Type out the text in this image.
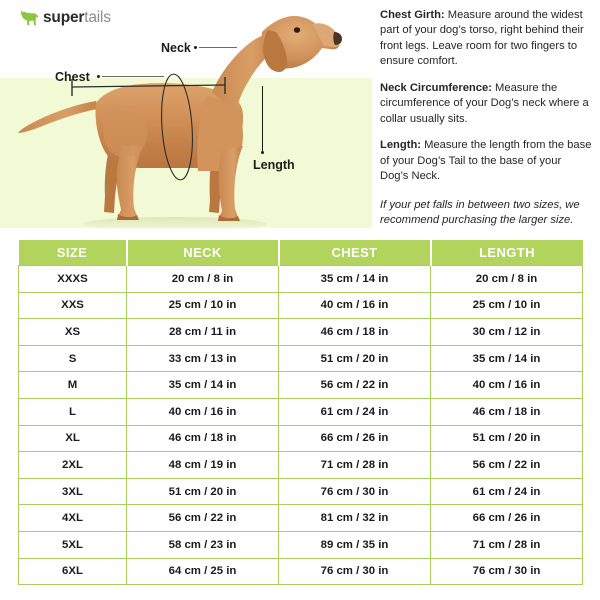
supertails
Neck
Chest
Length

Chest Girth: Measure around the widest part of your dog’s torso, right behind their front legs. Leave room for two fingers to ensure comfort.

Neck Circumference: Measure the circumference of your Dog’s neck where a collar usually sits.

Length: Measure the length from the base of your Dog’s Tail to the base of your Dog’s Neck.

If your pet falls in between two sizes, we recommend purchasing the larger size.

SIZE	NECK	CHEST	LENGTH
XXXS	20 cm / 8 in	35 cm / 14 in	20 cm / 8 in
XXS	25 cm / 10 in	40 cm / 16 in	25 cm / 10 in
XS	28 cm / 11 in	46 cm / 18 in	30 cm / 12 in
S	33 cm / 13 in	51 cm / 20 in	35 cm / 14 in
M	35 cm / 14 in	56 cm / 22 in	40 cm / 16 in
L	40 cm / 16 in	61 cm / 24 in	46 cm / 18 in
XL	46 cm / 18 in	66 cm / 26 in	51 cm / 20 in
2XL	48 cm / 19 in	71 cm / 28 in	56 cm / 22 in
3XL	51 cm / 20 in	76 cm / 30 in	61 cm / 24 in
4XL	56 cm / 22 in	81 cm / 32 in	66 cm / 26 in
5XL	58 cm / 23 in	89 cm / 35 in	71 cm / 28 in
6XL	64 cm / 25 in	76 cm / 30 in	76 cm / 30 in
